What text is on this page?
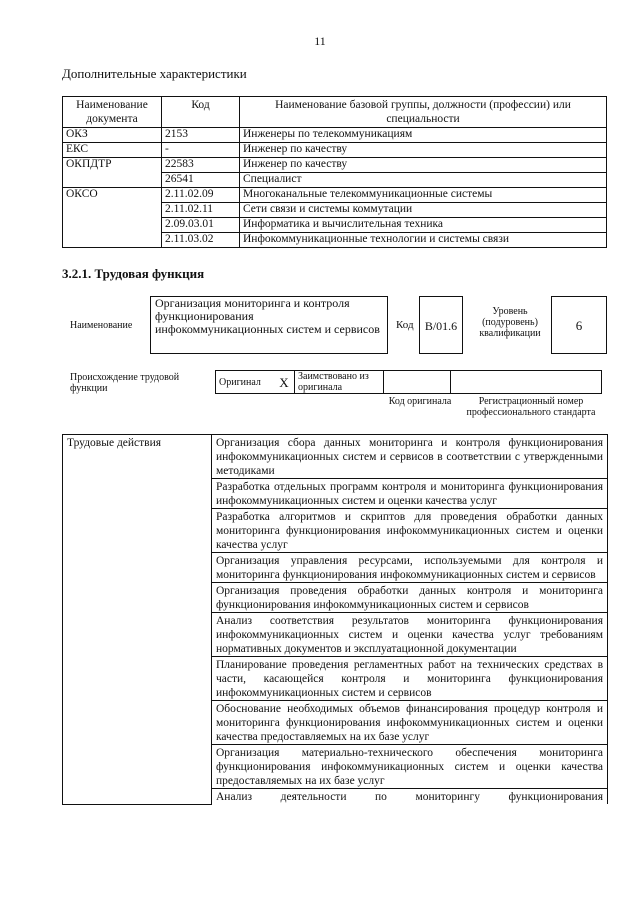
11
Дополнительные характеристики
Наименование документа	Код	Наименование базовой группы, должности (профессии) или специальности
ОКЗ	2153	Инженеры по телекоммуникациям
ЕКС	-	Инженер по качеству
ОКПДТР	22583	Инженер по качеству
	26541	Специалист
ОКСО	2.11.02.09	Многоканальные телекоммуникационные системы
	2.11.02.11	Сети связи и системы коммутации
	2.09.03.01	Информатика и вычислительная техника
	2.11.03.02	Инфокоммуникационные технологии и системы связи
3.2.1. Трудовая функция
Наименование
Организация мониторинга и контроля функционирования инфокоммуникационных систем и сервисов	Код B/01.6
Уровень (подуровень) квалификации
6
Происхождение трудовой функции
Оригинал	X	Заимствовано из оригинала		
Код оригинала	Регистрационный номер профессионального стандарта
Трудовые действия	Организация сбора данных мониторинга и контроля функционирования инфокоммуникационных систем и сервисов в соответствии с утвержденными методиками
Разработка отдельных программ контроля и мониторинга функционирования инфокоммуникационных систем и оценки качества услуг
Разработка алгоритмов и скриптов для проведения обработки данных мониторинга функционирования инфокоммуникационных систем и оценки качества услуг
Организация управления ресурсами, используемыми для контроля и мониторинга функционирования инфокоммуникационных систем и сервисов
Организация проведения обработки данных контроля и мониторинга функционирования инфокоммуникационных систем и сервисов
Анализ соответствия результатов мониторинга функционирования инфокоммуникационных систем и оценки качества услуг требованиям нормативных документов и эксплуатационной документации
Планирование проведения регламентных работ на технических средствах в части, касающейся контроля и мониторинга функционирования инфокоммуникационных систем и сервисов
Обоснование необходимых объемов финансирования процедур контроля и мониторинга функционирования инфокоммуникационных систем и оценки качества предоставляемых на их базе услуг
Организация материально-технического обеспечения мониторинга функционирования инфокоммуникационных систем и оценки качества предоставляемых на их базе услуг
Анализ деятельности по мониторингу функционирования
